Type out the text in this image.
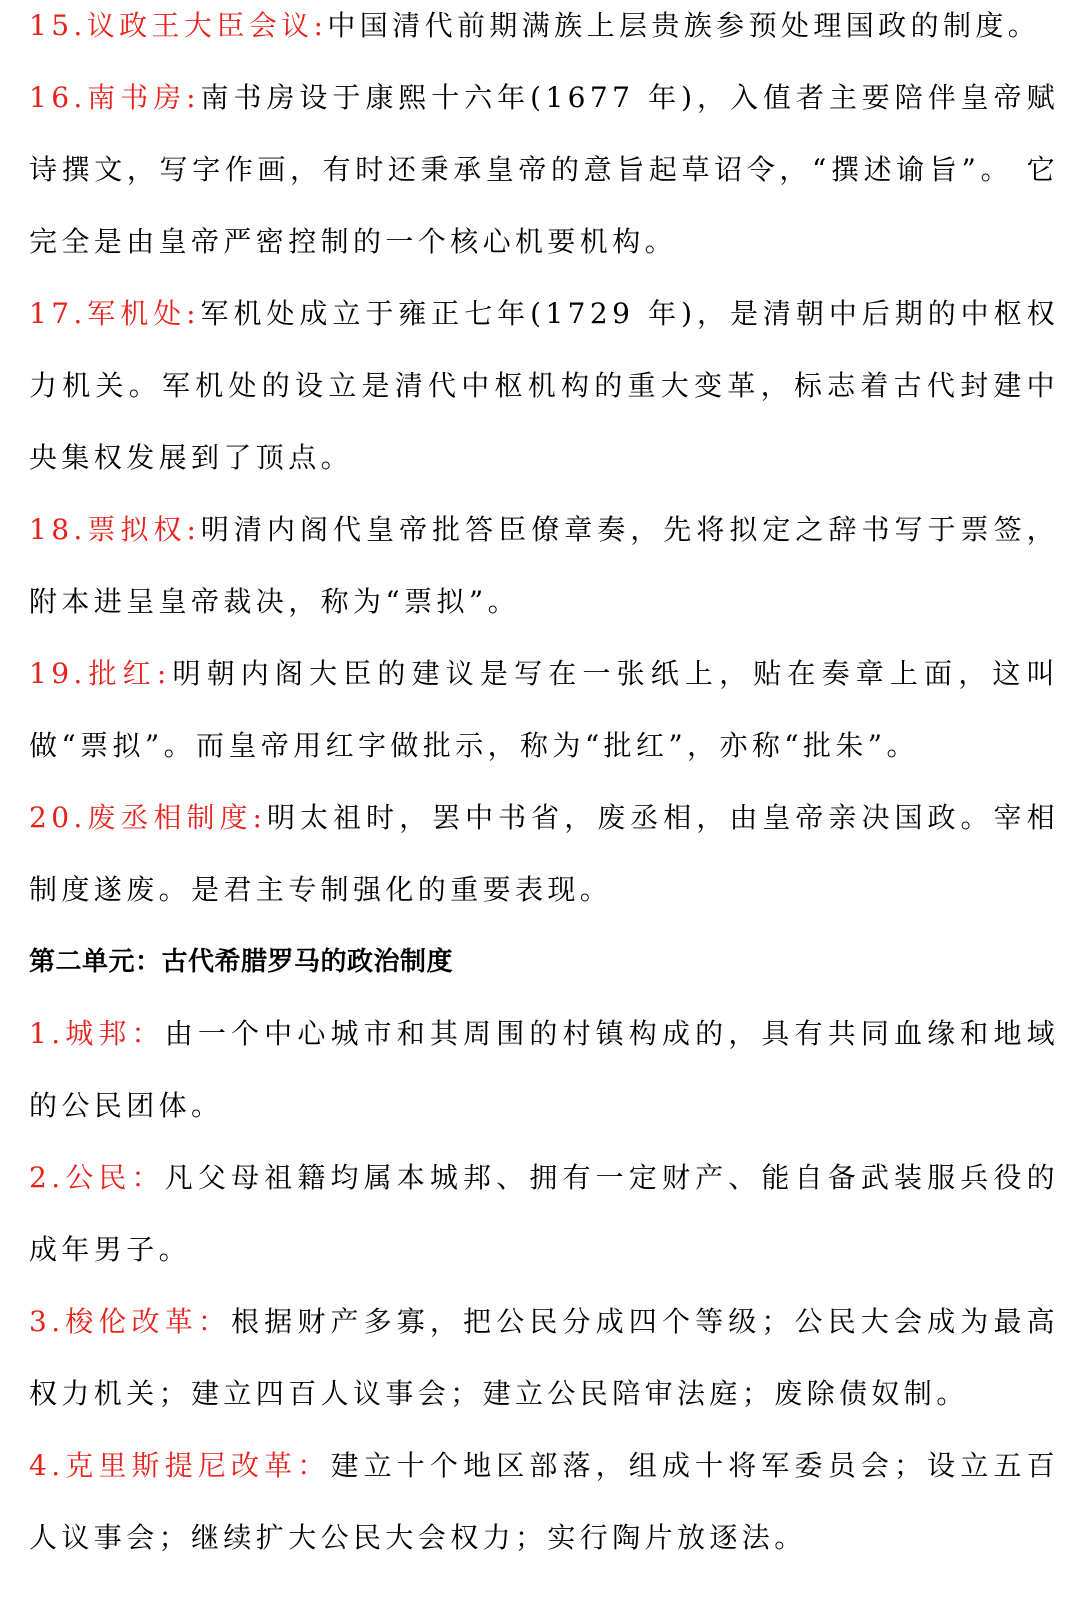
15.议政王大臣会议:中国清代前期满族上层贵族参预处理国政的制度。

16.南书房:南书房设于康熙十六年(1677 年)，入值者主要陪伴皇帝赋诗撰文，写字作画，有时还秉承皇帝的意旨起草诏令，“撰述谕旨”。 它完全是由皇帝严密控制的一个核心机要机构。

17.军机处:军机处成立于雍正七年(1729 年)，是清朝中后期的中枢权力机关。军机处的设立是清代中枢机构的重大变革，标志着古代封建中央集权发展到了顶点。

18.票拟权:明清内阁代皇帝批答臣僚章奏，先将拟定之辞书写于票签，附本进呈皇帝裁决，称为“票拟”。

19.批红:明朝内阁大臣的建议是写在一张纸上，贴在奏章上面，这叫做“票拟”。而皇帝用红字做批示，称为“批红”，亦称“批朱”。

20.废丞相制度:明太祖时，罢中书省，废丞相，由皇帝亲决国政。宰相制度遂废。是君主专制强化的重要表现。

第二单元：古代希腊罗马的政治制度

1.城邦：由一个中心城市和其周围的村镇构成的，具有共同血缘和地域的公民团体。

2.公民：凡父母祖籍均属本城邦、拥有一定财产、能自备武装服兵役的成年男子。

3.梭伦改革：根据财产多寡，把公民分成四个等级；公民大会成为最高权力机关；建立四百人议事会；建立公民陪审法庭；废除债奴制。

4.克里斯提尼改革：建立十个地区部落，组成十将军委员会；设立五百人议事会；继续扩大公民大会权力；实行陶片放逐法。
